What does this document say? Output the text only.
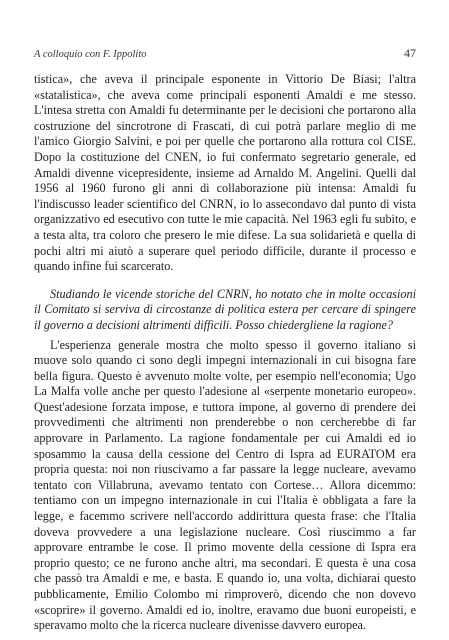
A colloquio con F. Ippolito	47

tistica», che aveva il principale esponente in Vittorio De Biasi; l'altra «statalistica», che aveva come principali esponenti Amaldi e me stesso. L'intesa stretta con Amaldi fu determinante per le decisioni che portarono alla costruzione del sincrotrone di Frascati, di cui potrà parlare meglio di me l'amico Giorgio Salvini, e poi per quelle che portarono alla rottura col CISE. Dopo la costituzione del CNEN, io fui confermato segretario generale, ed Amaldi divenne vicepresidente, insieme ad Arnaldo M. Angelini. Quelli dal 1956 al 1960 furono gli anni di collaborazione più intensa: Amaldi fu l'indiscusso leader scientifico del CNRN, io lo assecondavo dal punto di vista organizzativo ed esecutivo con tutte le mie capacità. Nel 1963 egli fu subito, e a testa alta, tra coloro che presero le mie difese. La sua solidarietà e quella di pochi altri mi aiutò a superare quel periodo difficile, durante il processo e quando infine fui scarcerato.

Studiando le vicende storiche del CNRN, ho notato che in molte occasioni il Comitato si serviva di circostanze di politica estera per cercare di spingere il governo a decisioni altrimenti difficili. Posso chiedergliene la ragione?

L'esperienza generale mostra che molto spesso il governo italiano si muove solo quando ci sono degli impegni internazionali in cui bisogna fare bella figura. Questo è avvenuto molte volte, per esempio nell'economia; Ugo La Malfa volle anche per questo l'adesione al «serpente monetario europeo». Quest'adesione forzata impose, e tuttora impone, al governo di prendere dei provvedimenti che altrimenti non prenderebbe o non cercherebbe di far approvare in Parlamento. La ragione fondamentale per cui Amaldi ed io sposammo la causa della cessione del Centro di Ispra ad EURATOM era propria questa: noi non riuscivamo a far passare la legge nucleare, avevamo tentato con Villabruna, avevamo tentato con Cortese… Allora dicemmo: tentiamo con un impegno internazionale in cui l'Italia è obbligata a fare la legge, e facemmo scrivere nell'accordo addirittura questa frase: che l'Italia doveva provvedere a una legislazione nucleare. Così riuscimmo a far approvare entrambe le cose. Il primo movente della cessione di Ispra era proprio questo; ce ne furono anche altri, ma secondari. E questa è una cosa che passò tra Amaldi e me, e basta. E quando io, una volta, dichiarai questo pubblicamente, Emilio Colombo mi rimproverò, dicendo che non dovevo «scoprire» il governo. Amaldi ed io, inoltre, eravamo due buoni europeisti, e speravamo molto che la ricerca nucleare divenisse davvero europea.
